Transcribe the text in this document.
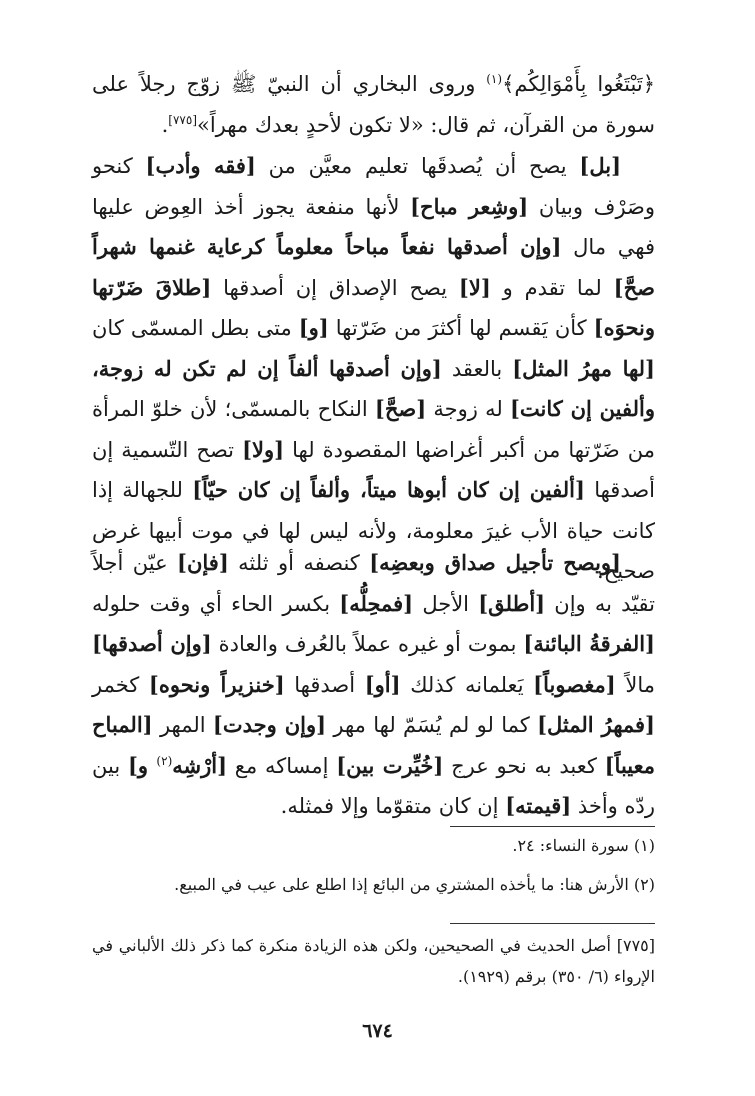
﴿تَبْتَغُوا بِأَمْوَالِكُم﴾$^{(١)}$ وروى البخاري أن النبيّ ﷺ زوّج رجلاً على سورة من القرآن، ثم قال: «لا تكون لأحدٍ بعدك مهراً»[٧٧٥].

[بل] يصح أن يُصدقَها تعليم معيَّن من [فقه وأدب] كنحو وصَرْف وبيان [وشِعر مباح] لأنها منفعة يجوز أخذ العِوض عليها فهي مال [وإن أصدقها نفعاً مباحاً معلوماً كرعاية غنمها شهراً صحَّ] لما تقدم و [لا] يصح الإصداق إن أصدقها [طلاقَ ضَرّتها ونحوَه] كأن يَقسم لها أكثرَ من ضَرّتها [و] متى بطل المسمّى كان [لها مهرُ المثل] بالعقد [وإن أصدقها ألفاً إن لم تكن له زوجة، وألفين إن كانت] له زوجة [صحَّ] النكاح بالمسمّى؛ لأن خلوّ المرأة من ضَرّتها من أكبر أغراضها المقصودة لها [ولا] تصح التّسمية إن أصدقها [ألفين إن كان أبوها ميتاً، وألفاً إن كان حيّاً] للجهالة إذا كانت حياة الأب غيرَ معلومة، ولأنه ليس لها في موت أبيها غرض صحيح.

[ويصح تأجيل صداق وبعضِه] كنصفه أو ثلثه [فإن] عيّن أجلاً تقيّد به وإن [أطلق] الأجل [فمحِلُّه] بكسر الحاء أي وقت حلوله [الفرقةُ البائنة] بموت أو غيره عملاً بالعُرف والعادة [وإن أصدقها] مالاً [مغصوباً] يَعلمانه كذلك [أو] أصدقها [خنزيراً ونحوه] كخمر [فمهرُ المثل] كما لو لم يُسَمّ لها مهر [وإن وجدت] المهر [المباح معيباً] كعبد به نحو عرج [خُيِّرت بين] إمساكه مع [أرْشِه$^{(٢)}$ و] بين ردّه وأخذ [قيمته] إن كان متقوّما وإلا فمثله.

(١) سورة النساء: ٢٤.

(٢) الأرش هنا: ما يأخذه المشتري من البائع إذا اطلع على عيب في المبيع.

[٧٧٥] أصل الحديث في الصحيحين، ولكن هذه الزيادة منكرة كما ذكر ذلك الألباني في الإرواء (٦/ ٣٥٠) برقم (١٩٢٩).

٦٧٤
